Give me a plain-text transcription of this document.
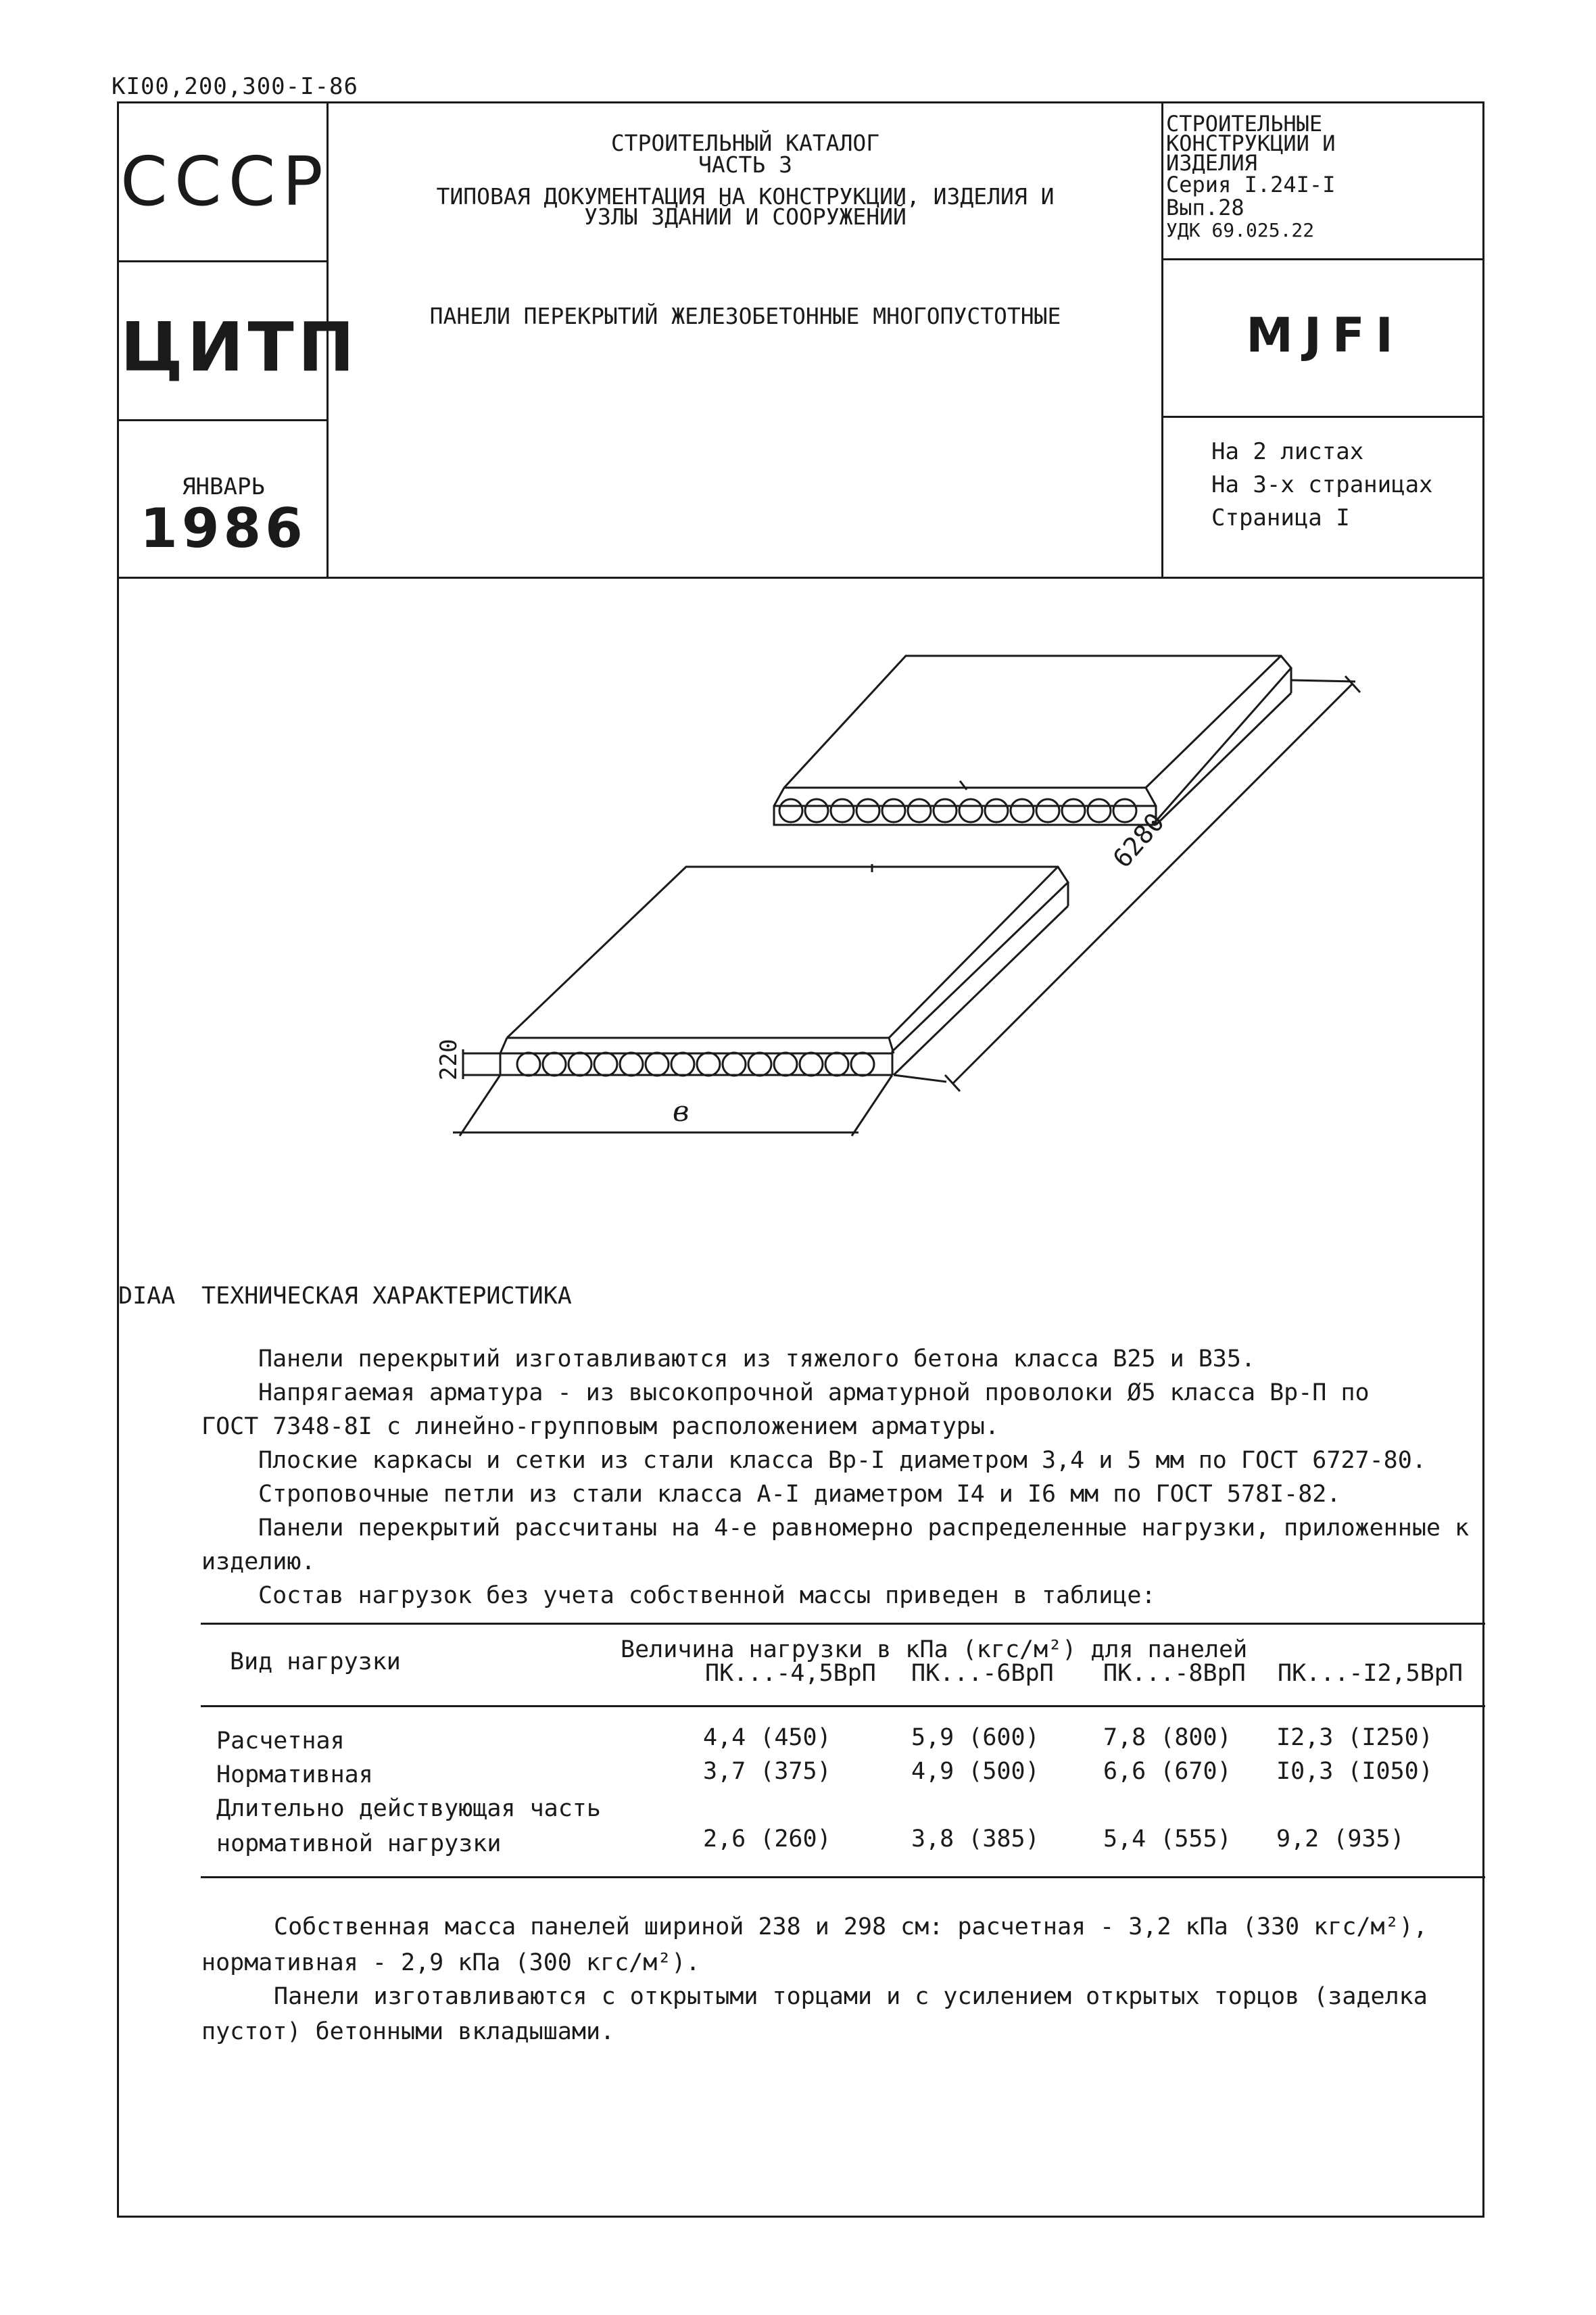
КI00,200,300-I-86
СССР
ЦИТП
ЯНВАРЬ
1986
СТРОИТЕЛЬНЫЙ КАТАЛОГ
ЧАСТЬ 3
ТИПОВАЯ ДОКУМЕНТАЦИЯ НА КОНСТРУКЦИИ, ИЗДЕЛИЯ И
УЗЛЫ ЗДАНИЙ И СООРУЖЕНИЙ
ПАНЕЛИ ПЕРЕКРЫТИЙ ЖЕЛЕЗОБЕТОННЫЕ МНОГОПУСТОТНЫЕ
СТРОИТЕЛЬНЫЕ
КОНСТРУКЦИИ И
ИЗДЕЛИЯ
Серия I.24I-I
Вып.28
УДК 69.025.22
МЈFI
На 2 листах
На 3-х страницах
Страница I
6280
220
в
DIAA ТЕХНИЧЕСКАЯ ХАРАКТЕРИСТИКА
Панели перекрытий изготавливаются из тяжелого бетона класса В25 и В35.
Напрягаемая арматура - из высокопрочной арматурной проволоки Ø5 класса Вр-П по
ГОСТ 7348-8I с линейно-групповым расположением арматуры.
Плоские каркасы и сетки из стали класса Вр-I диаметром 3,4 и 5 мм по ГОСТ 6727-80.
Строповочные петли из стали класса А-I диаметром I4 и I6 мм по ГОСТ 578I-82.
Панели перекрытий рассчитаны на 4-е равномерно распределенные нагрузки, приложенные к
изделию.
Состав нагрузок без учета собственной массы приведен в таблице:
Вид нагрузки	Величина нагрузки в кПа (кгс/м²) для панелей
ПК...-4,5ВрП ПК...-6ВрП ПК...-8ВрП ПК...-I2,5ВрП
Расчетная	4,4 (450)	5,9 (600)	7,8 (800) I2,3 (I250)
Нормативная	3,7 (375)	4,9 (500)	6,6 (670) I0,3 (I050)
Длительно действующая часть
нормативной нагрузки	2,6 (260)	3,8 (385)	5,4 (555) 9,2 (935)
Собственная масса панелей шириной 238 и 298 см: расчетная - 3,2 кПа (330 кгс/м²),
нормативная - 2,9 кПа (300 кгс/м²).
Панели изготавливаются с открытыми торцами и с усилением открытых торцов (заделка
пустот) бетонными вкладышами.
